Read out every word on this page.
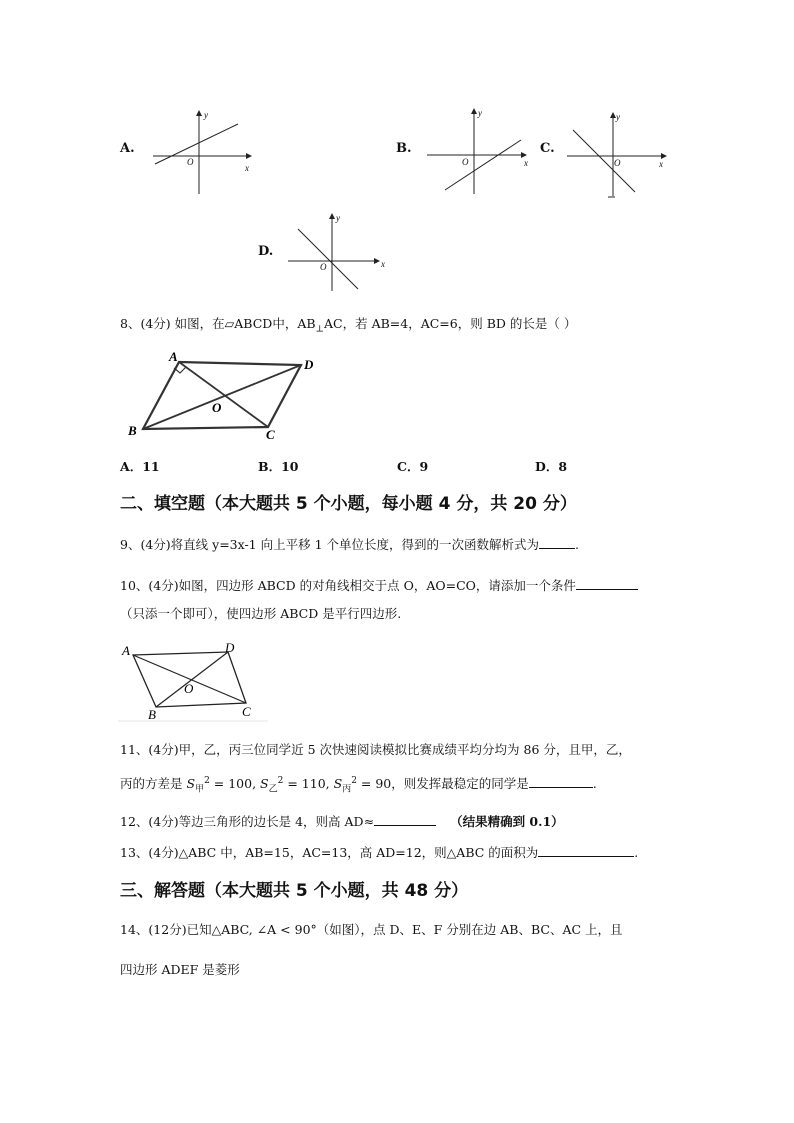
A.
y
x
O
B.
y
x
O
C.
y
x
O
D.
y
x
O
8、(4分) 如图，在▱ABCD中，$AB_\perp AC$，若 AB=4，AC=6，则 BD 的长是（ ）
A
D
B	C
O
A．11	B．10	C．9	D．8
二、填空题（本大题共 5 个小题，每小题 4 分，共 20 分）
9、(4分)将直线 y=3x-1 向上平移 1 个单位长度，得到的一次函数解析式为	.
10、(4分)如图，四边形 ABCD 的对角线相交于点 O，AO=CO，请添加一个条件
（只添一个即可），使四边形 ABCD 是平行四边形.
A	D
B	C
O
11、(4分)甲，乙，丙三位同学近 5 次快速阅读模拟比赛成绩平均分均为 86 分，且甲，乙，
丙的方差是 $S_甲^2 = 100$, $S_乙^2 = 110$, $S_丙^2 = 90$，则发挥最稳定的同学是	.
12、(4分)等边三角形的边长是 4，则高 AD≈	（结果精确到 0.1）
13、(4分)△ABC 中，AB=15，AC=13，高 AD=12，则△ABC 的面积为	.
三、解答题（本大题共 5 个小题，共 48 分）
14、(12分)已知△ABC, ∠A < 90°（如图），点 D、E、F 分别在边 AB、BC、AC 上，且
四边形 ADEF 是菱形
